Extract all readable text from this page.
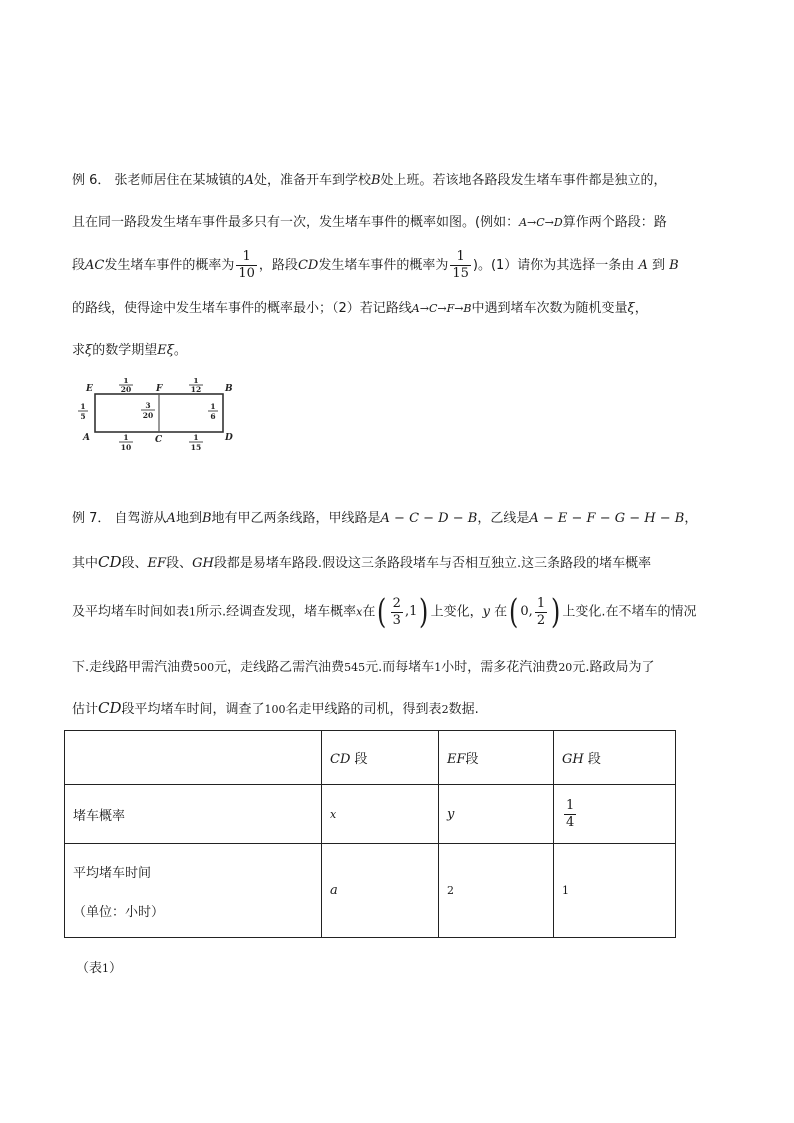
例 6． 张老师居住在某城镇的A处，准备开车到学校B处上班。若该地各路段发生堵车事件都是独立的，
且在同一路段发生堵车事件最多只有一次，发生堵车事件的概率如图。(例如：A→C→D算作两个路段：路
段AC发生堵车事件的概率为 $\frac{1}{10}$ ，路段CD发生堵车事件的概率为 $\frac{1}{15}$ )。(1）请你为其选择一条由 A 到 B
的路线，使得途中发生堵车事件的概率最小；（2）若记路线A→C→F→B中遇到堵车次数为随机变量ξ，
求ξ的数学期望Eξ。
E	F	B
A	C	D
1
20
1
12
1
5
3
20
1
6
1
10
1
15
例 7． 自驾游从A地到B地有甲乙两条线路，甲线路是A − C − D − B，乙线是A − E − F − G − H − B，
其中CD段、EF段、GH段都是易堵车路段.假设这三条路段堵车与否相互独立.这三条路段的堵车概率
及平均堵车时间如表1所示.经调查发现，堵车概率x在 ( $\frac{2}{3} ,1$ ) 上变化，y 在 ( 0, $\frac{1}{2}$ ) 上变化.在不堵车的情况
下.走线路甲需汽油费500元，走线路乙需汽油费545元.而每堵车1小时，需多花汽油费20元.路政局为了
估计CD段平均堵车时间，调查了100名走甲线路的司机，得到表2数据.
	CD 段	EF段	GH 段
堵车概率	x	y	$\frac{1}{4}$

平均堵车时间
（单位：小时）	a	2	1
（表1）
